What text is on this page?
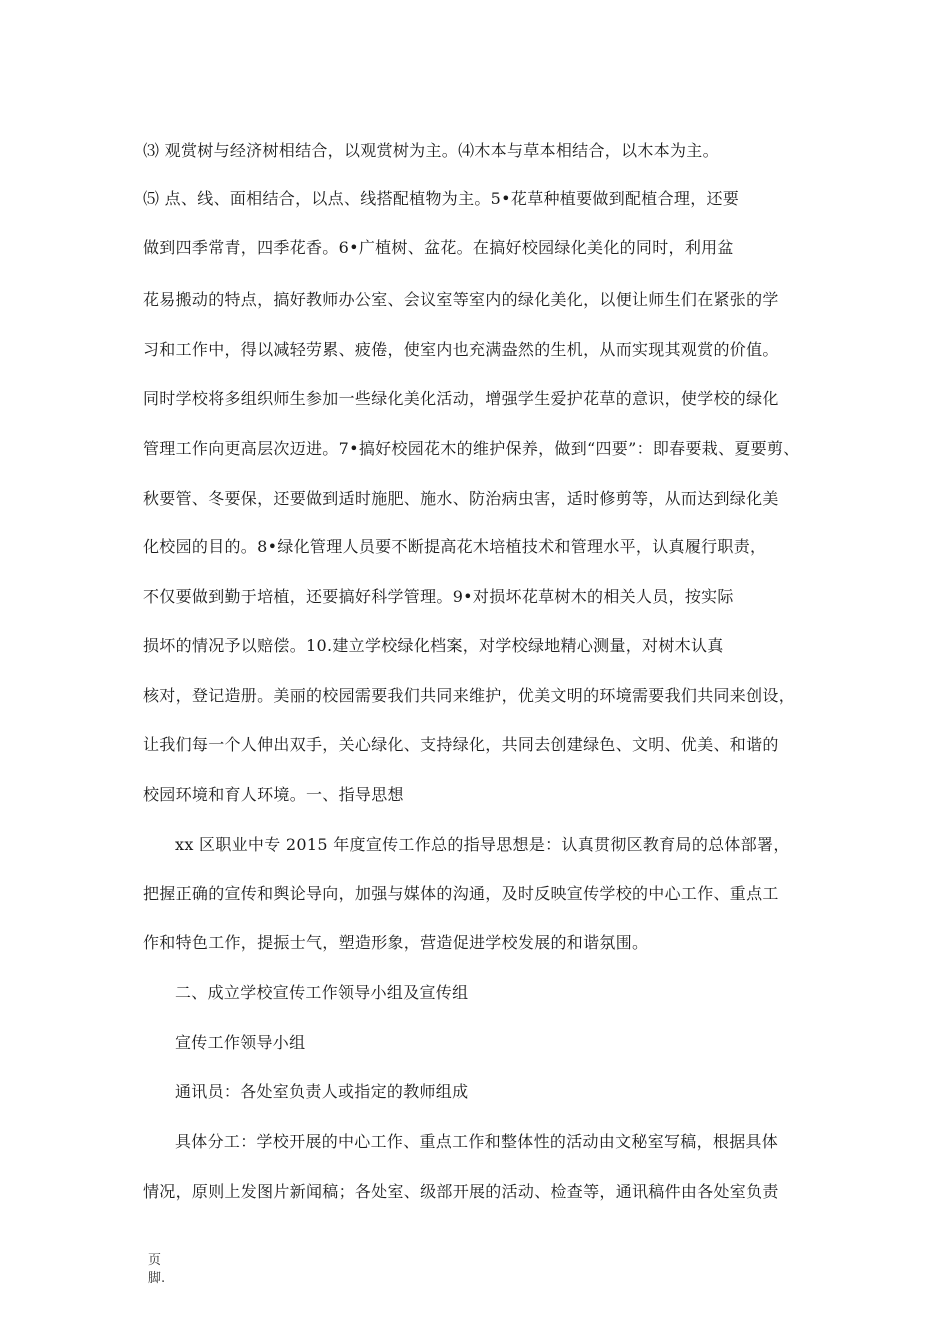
⑶ 观赏树与经济树相结合，以观赏树为主。⑷木本与草本相结合，以木本为主。
⑸ 点、线、面相结合，以点、线搭配植物为主。5•花草种植要做到配植合理，还要
做到四季常青，四季花香。6•广植树、盆花。在搞好校园绿化美化的同时，利用盆
花易搬动的特点，搞好教师办公室、会议室等室内的绿化美化，以便让师生们在紧张的学
习和工作中，得以减轻劳累、疲倦，使室内也充满盎然的生机，从而实现其观赏的价值。
同时学校将多组织师生参加一些绿化美化活动，增强学生爱护花草的意识，使学校的绿化
管理工作向更高层次迈进。7•搞好校园花木的维护保养，做到“四要”：即春要栽、夏要剪、
秋要管、冬要保，还要做到适时施肥、施水、防治病虫害，适时修剪等，从而达到绿化美
化校园的目的。8•绿化管理人员要不断提高花木培植技术和管理水平，认真履行职责，
不仅要做到勤于培植，还要搞好科学管理。9•对损坏花草树木的相关人员，按实际
损坏的情况予以赔偿。10.建立学校绿化档案，对学校绿地精心测量，对树木认真
核对，登记造册。美丽的校园需要我们共同来维护，优美文明的环境需要我们共同来创设，
让我们每一个人伸出双手，关心绿化、支持绿化，共同去创建绿色、文明、优美、和谐的
校园环境和育人环境。一、指导思想
xx 区职业中专 2015 年度宣传工作总的指导思想是：认真贯彻区教育局的总体部署，
把握正确的宣传和舆论导向，加强与媒体的沟通，及时反映宣传学校的中心工作、重点工
作和特色工作，提振士气，塑造形象，营造促进学校发展的和谐氛围。
二、成立学校宣传工作领导小组及宣传组
宣传工作领导小组
通讯员：各处室负责人或指定的教师组成
具体分工：学校开展的中心工作、重点工作和整体性的活动由文秘室写稿，根据具体
情况，原则上发图片新闻稿；各处室、级部开展的活动、检查等，通讯稿件由各处室负责
页
脚.
